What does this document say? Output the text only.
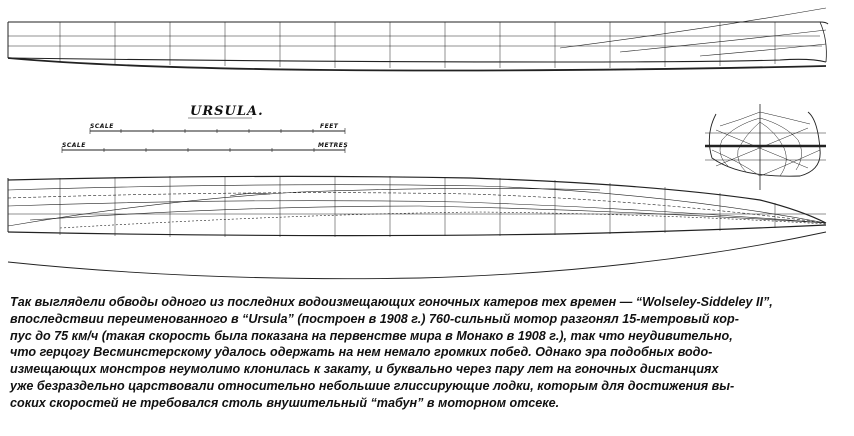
URSULA.
SCALE	FEET
SCALE	METRES
Так выглядели обводы одного из последних водоизмещающих гоночных катеров тех времен — “Wolseley-Siddeley II”,
впоследствии переименованного в “Ursula” (построен в 1908 г.) 760-сильный мотор разгонял 15-метровый кор-
пус до 75 км/ч (такая скорость была показана на первенстве мира в Монако в 1908 г.), так что неудивительно,
что герцогу Весминстерскому удалось одержать на нем немало громких побед. Однако эра подобных водо-
измещающих монстров неумолимо клонилась к закату, и буквально через пару лет на гоночных дистанциях
уже безраздельно царствовали относительно небольшие глиссирующие лодки, которым для достижения вы-
соких скоростей не требовался столь внушительный “табун” в моторном отсеке.
